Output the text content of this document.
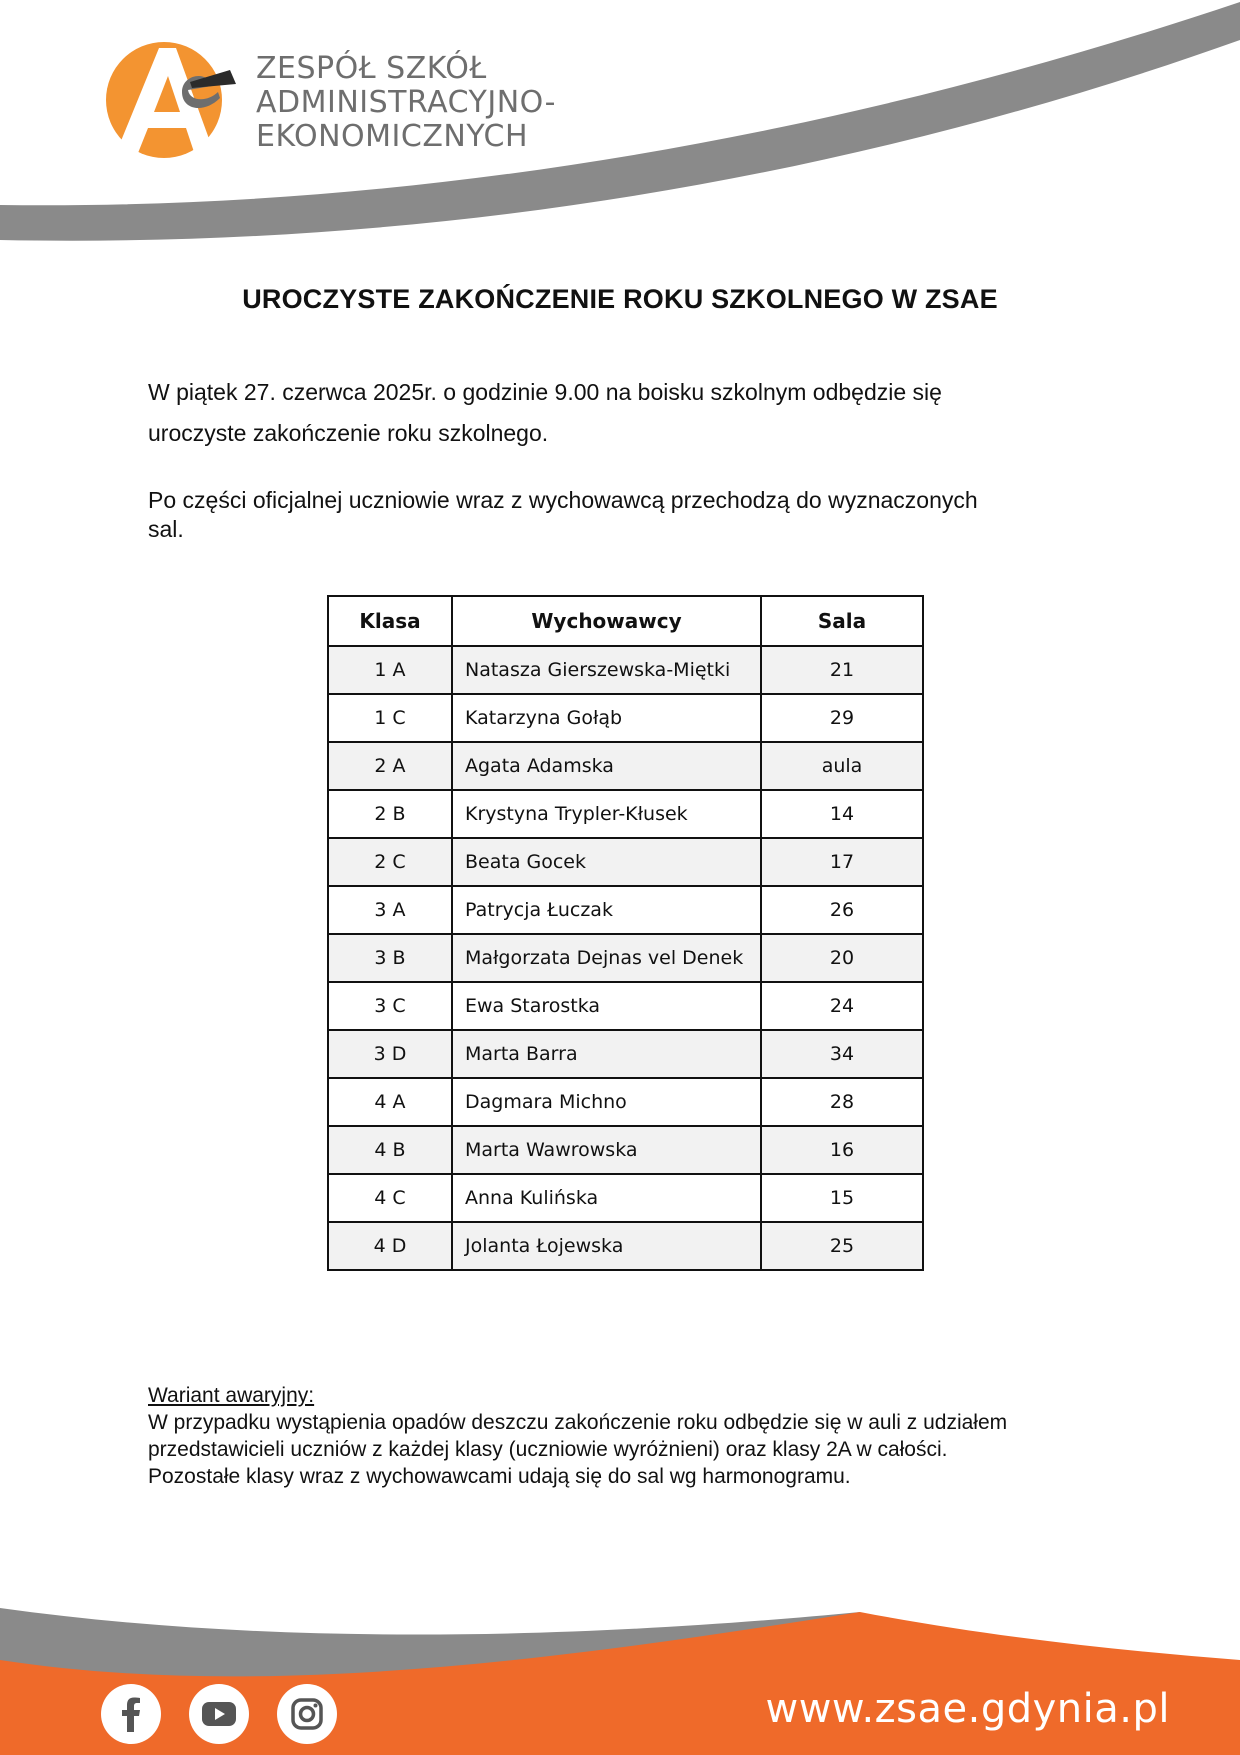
ZESPÓŁ SZKÓŁ
ADMINISTRACYJNO-
EKONOMICZNYCH
UROCZYSTE ZAKOŃCZENIE ROKU SZKOLNEGO W ZSAE
W piątek 27. czerwca 2025r. o godzinie 9.00 na boisku szkolnym odbędzie się
uroczyste zakończenie roku szkolnego.
Po części oficjalnej uczniowie wraz z wychowawcą przechodzą do wyznaczonych
sal.
Klasa	Wychowawcy	Sala
1 A	Natasza Gierszewska-Miętki	21
1 C	Katarzyna Gołąb	29
2 A	Agata Adamska	aula
2 B	Krystyna Trypler-Kłusek	14
2 C	Beata Gocek	17
3 A	Patrycja Łuczak	26
3 B	Małgorzata Dejnas vel Denek	20
3 C	Ewa Starostka	24
3 D	Marta Barra	34
4 A	Dagmara Michno	28
4 B	Marta Wawrowska	16
4 C	Anna Kulińska	15
4 D	Jolanta Łojewska	25
Wariant awaryjny:
W przypadku wystąpienia opadów deszczu zakończenie roku odbędzie się w auli z udziałem
przedstawicieli uczniów z każdej klasy (uczniowie wyróżnieni) oraz klasy 2A w całości.
Pozostałe klasy wraz z wychowawcami udają się do sal wg harmonogramu.
www.zsae.gdynia.pl
